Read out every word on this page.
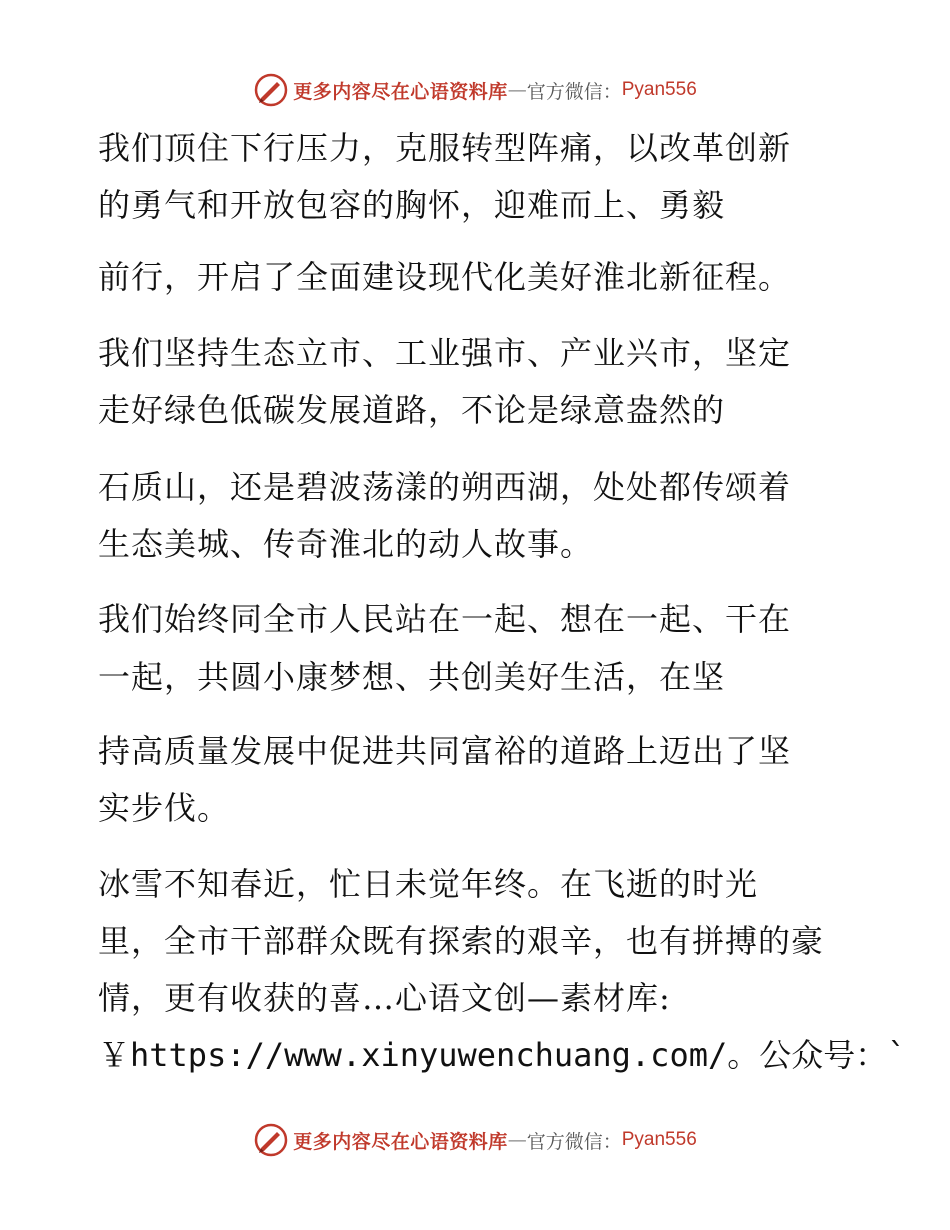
更多内容尽在心语资料库 — 官方微信： Pyan556
我们顶住下行压力，克服转型阵痛，以改革创新
的勇气和开放包容的胸怀，迎难而上、勇毅
前行，开启了全面建设现代化美好淮北新征程。
我们坚持生态立市、工业强市、产业兴市，坚定
走好绿色低碳发展道路，不论是绿意盎然的
石质山，还是碧波荡漾的朔西湖，处处都传颂着
生态美城、传奇淮北的动人故事。
我们始终同全市人民站在一起、想在一起、干在
一起，共圆小康梦想、共创美好生活，在坚
持高质量发展中促进共同富裕的道路上迈出了坚
实步伐。
冰雪不知春近，忙日未觉年终。在飞逝的时光
里，全市干部群众既有探索的艰辛，也有拼搏的豪
情，更有收获的喜…心语文创—素材库:
￥https://www.xinyuwenchuang.com/。公众号：`
更多内容尽在心语资料库 — 官方微信： Pyan556
